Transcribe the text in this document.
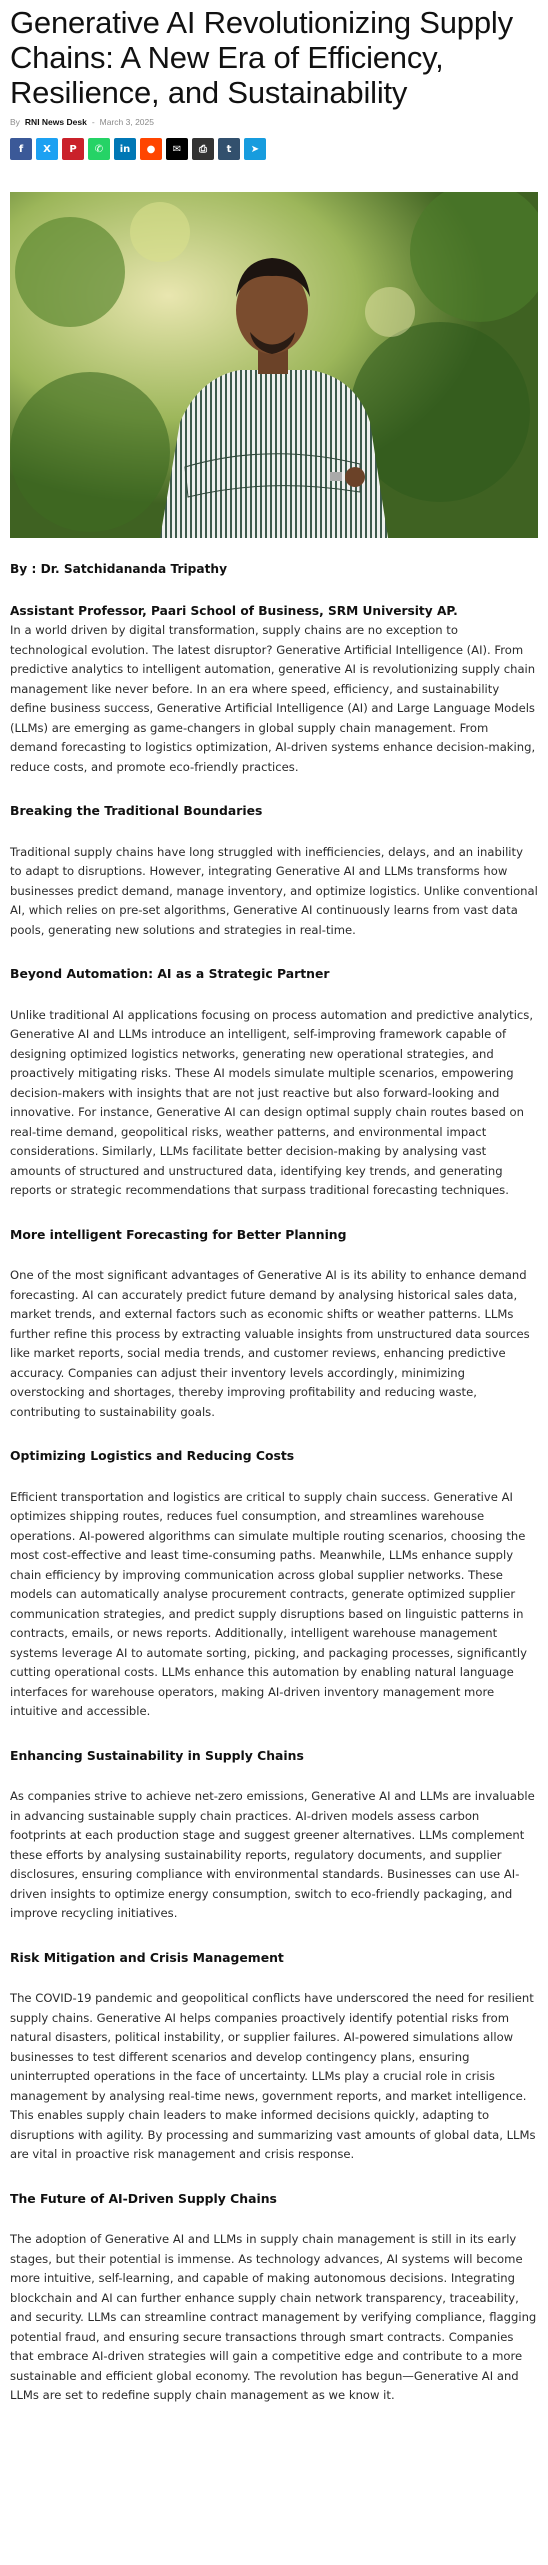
Generative AI Revolutionizing Supply Chains: A New Era of Efficiency, Resilience, and Sustainability
By RNI News Desk - March 3, 2025
f X P ✆ in ● ✉ ⎙ t ➤
By : Dr. Satchidananda Tripathy
Assistant Professor, Paari School of Business, SRM University AP.

In a world driven by digital transformation, supply chains are no exception to technological evolution. The latest disruptor? Generative Artificial Intelligence (AI). From predictive analytics to intelligent automation, generative AI is revolutionizing supply chain management like never before. In an era where speed, efficiency, and sustainability define business success, Generative Artificial Intelligence (AI) and Large Language Models (LLMs) are emerging as game-changers in global supply chain management. From demand forecasting to logistics optimization, AI-driven systems enhance decision-making, reduce costs, and promote eco-friendly practices.

Breaking the Traditional Boundaries

Traditional supply chains have long struggled with inefficiencies, delays, and an inability to adapt to disruptions. However, integrating Generative AI and LLMs transforms how businesses predict demand, manage inventory, and optimize logistics. Unlike conventional AI, which relies on pre-set algorithms, Generative AI continuously learns from vast data pools, generating new solutions and strategies in real-time.

Beyond Automation: AI as a Strategic Partner

Unlike traditional AI applications focusing on process automation and predictive analytics, Generative AI and LLMs introduce an intelligent, self-improving framework capable of designing optimized logistics networks, generating new operational strategies, and proactively mitigating risks. These AI models simulate multiple scenarios, empowering decision-makers with insights that are not just reactive but also forward-looking and innovative. For instance, Generative AI can design optimal supply chain routes based on real-time demand, geopolitical risks, weather patterns, and environmental impact considerations. Similarly, LLMs facilitate better decision-making by analysing vast amounts of structured and unstructured data, identifying key trends, and generating reports or strategic recommendations that surpass traditional forecasting techniques.

More intelligent Forecasting for Better Planning

One of the most significant advantages of Generative AI is its ability to enhance demand forecasting. AI can accurately predict future demand by analysing historical sales data, market trends, and external factors such as economic shifts or weather patterns. LLMs further refine this process by extracting valuable insights from unstructured data sources like market reports, social media trends, and customer reviews, enhancing predictive accuracy. Companies can adjust their inventory levels accordingly, minimizing overstocking and shortages, thereby improving profitability and reducing waste, contributing to sustainability goals.

Optimizing Logistics and Reducing Costs

Efficient transportation and logistics are critical to supply chain success. Generative AI optimizes shipping routes, reduces fuel consumption, and streamlines warehouse operations. AI-powered algorithms can simulate multiple routing scenarios, choosing the most cost-effective and least time-consuming paths. Meanwhile, LLMs enhance supply chain efficiency by improving communication across global supplier networks. These models can automatically analyse procurement contracts, generate optimized supplier communication strategies, and predict supply disruptions based on linguistic patterns in contracts, emails, or news reports. Additionally, intelligent warehouse management systems leverage AI to automate sorting, picking, and packaging processes, significantly cutting operational costs. LLMs enhance this automation by enabling natural language interfaces for warehouse operators, making AI-driven inventory management more intuitive and accessible.

Enhancing Sustainability in Supply Chains

As companies strive to achieve net-zero emissions, Generative AI and LLMs are invaluable in advancing sustainable supply chain practices. AI-driven models assess carbon footprints at each production stage and suggest greener alternatives. LLMs complement these efforts by analysing sustainability reports, regulatory documents, and supplier disclosures, ensuring compliance with environmental standards. Businesses can use AI-driven insights to optimize energy consumption, switch to eco-friendly packaging, and improve recycling initiatives.

Risk Mitigation and Crisis Management

The COVID-19 pandemic and geopolitical conflicts have underscored the need for resilient supply chains. Generative AI helps companies proactively identify potential risks from natural disasters, political instability, or supplier failures. AI-powered simulations allow businesses to test different scenarios and develop contingency plans, ensuring uninterrupted operations in the face of uncertainty. LLMs play a crucial role in crisis management by analysing real-time news, government reports, and market intelligence. This enables supply chain leaders to make informed decisions quickly, adapting to disruptions with agility. By processing and summarizing vast amounts of global data, LLMs are vital in proactive risk management and crisis response.

The Future of AI-Driven Supply Chains

The adoption of Generative AI and LLMs in supply chain management is still in its early stages, but their potential is immense. As technology advances, AI systems will become more intuitive, self-learning, and capable of making autonomous decisions. Integrating blockchain and AI can further enhance supply chain network transparency, traceability, and security. LLMs can streamline contract management by verifying compliance, flagging potential fraud, and ensuring secure transactions through smart contracts. Companies that embrace AI-driven strategies will gain a competitive edge and contribute to a more sustainable and efficient global economy. The revolution has begun—Generative AI and LLMs are set to redefine supply chain management as we know it.
